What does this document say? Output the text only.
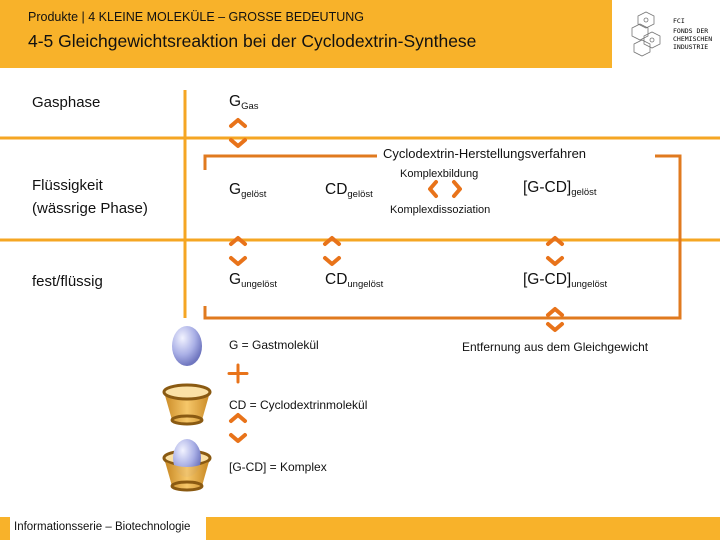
Produkte | 4 KLEINE MOLEKÜLE – GROSSE BEDEUTUNG
4-5 Gleichgewichtsreaktion bei der Cyclodextrin-Synthese
FCI
FONDS DER
CHEMISCHEN
INDUSTRIE
Gasphase
Flüssigkeit
(wässrige Phase)
fest/flüssig
$G_{Gas}$
$G_{gelöst}$	$CD_{gelöst}$	$[G-CD]_{gelöst}$
$G_{ungelöst}$	$CD_{ungelöst}$	$[G-CD]_{ungelöst}$
Cyclodextrin-Herstellungsverfahren
Komplexbildung
Komplexdissoziation
Entfernung aus dem Gleichgewicht
G = Gastmolekül
CD = Cyclodextrinmolekül
[G-CD] = Komplex
Informationsserie – Biotechnologie
